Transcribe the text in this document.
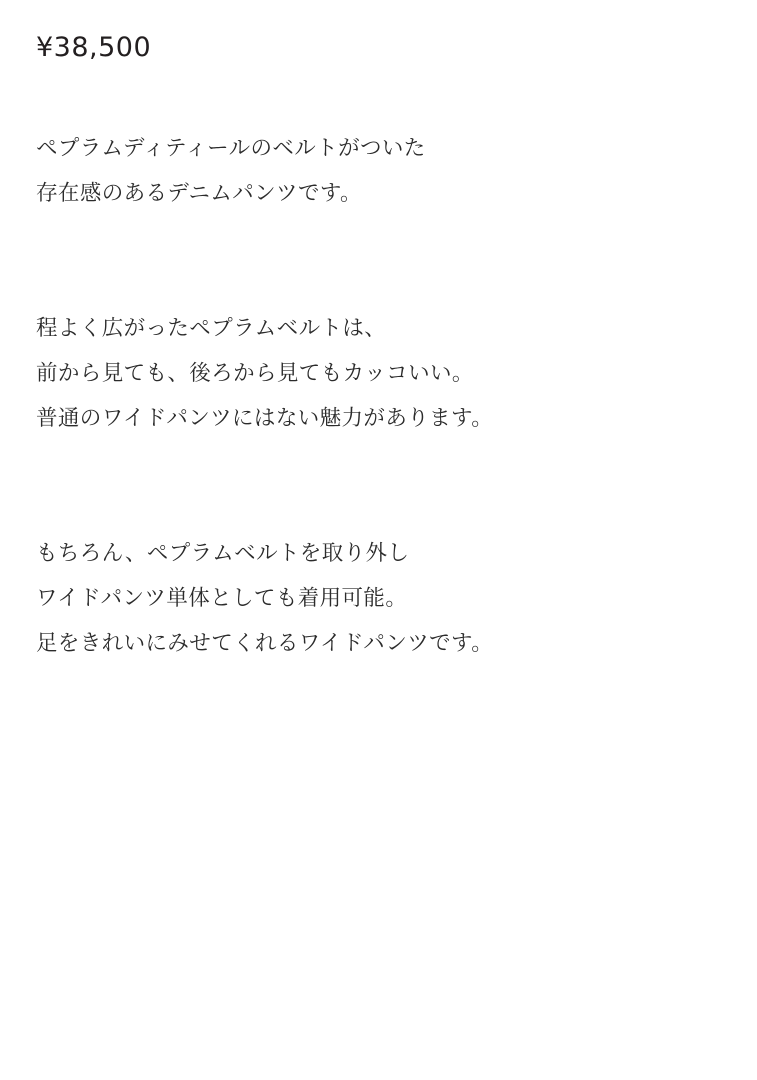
¥38,500

ペプラムディティールのベルトがついた

存在感のあるデニムパンツです。

程よく広がったペプラムベルトは、

前から見ても、後ろから見てもカッコいい。

普通のワイドパンツにはない魅力があります。

もちろん、ペプラムベルトを取り外し

ワイドパンツ単体としても着用可能。

足をきれいにみせてくれるワイドパンツです。
